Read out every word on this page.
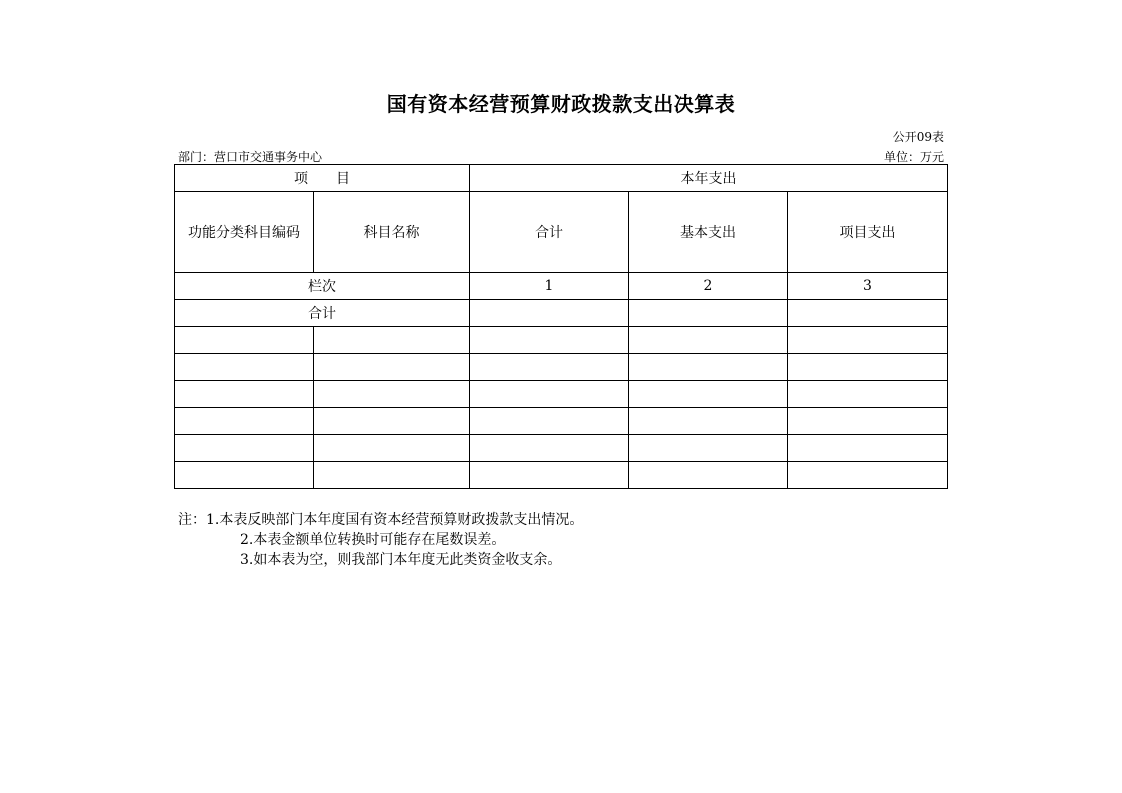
国有资本经营预算财政拨款支出决算表
公开09表
部门：营口市交通事务中心	单位：万元
项　　目		本年支出		
功能分类科目编码	科目名称	合计	基本支出	项目支出
栏次		1	2	3
合计				

注：1.本表反映部门本年度国有资本经营预算财政拨款支出情况。
2.本表金额单位转换时可能存在尾数误差。
3.如本表为空，则我部门本年度无此类资金收支余。
